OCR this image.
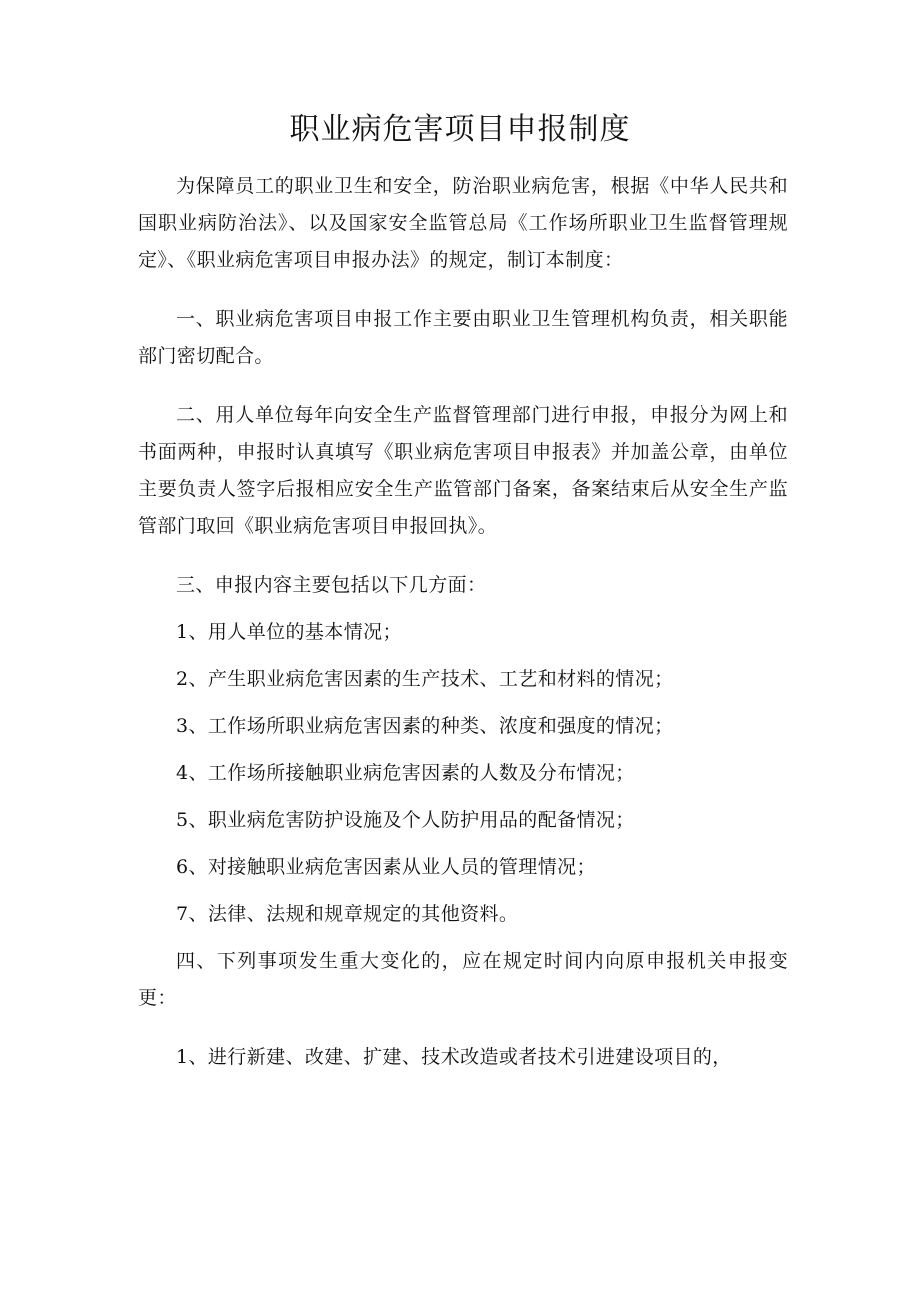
职业病危害项目申报制度

为保障员工的职业卫生和安全，防治职业病危害，根据《中华人民共和国职业病防治法》、以及国家安全监管总局《工作场所职业卫生监督管理规定》、《职业病危害项目申报办法》的规定，制订本制度：

一、职业病危害项目申报工作主要由职业卫生管理机构负责，相关职能部门密切配合。

二、用人单位每年向安全生产监督管理部门进行申报，申报分为网上和书面两种，申报时认真填写《职业病危害项目申报表》并加盖公章，由单位主要负责人签字后报相应安全生产监管部门备案，备案结束后从安全生产监管部门取回《职业病危害项目申报回执》。

三、申报内容主要包括以下几方面：

1、用人单位的基本情况；

2、产生职业病危害因素的生产技术、工艺和材料的情况；

3、工作场所职业病危害因素的种类、浓度和强度的情况；

4、工作场所接触职业病危害因素的人数及分布情况；

5、职业病危害防护设施及个人防护用品的配备情况；

6、对接触职业病危害因素从业人员的管理情况；

7、法律、法规和规章规定的其他资料。

四、下列事项发生重大变化的，应在规定时间内向原申报机关申报变更：

1、进行新建、改建、扩建、技术改造或者技术引进建设项目的，
